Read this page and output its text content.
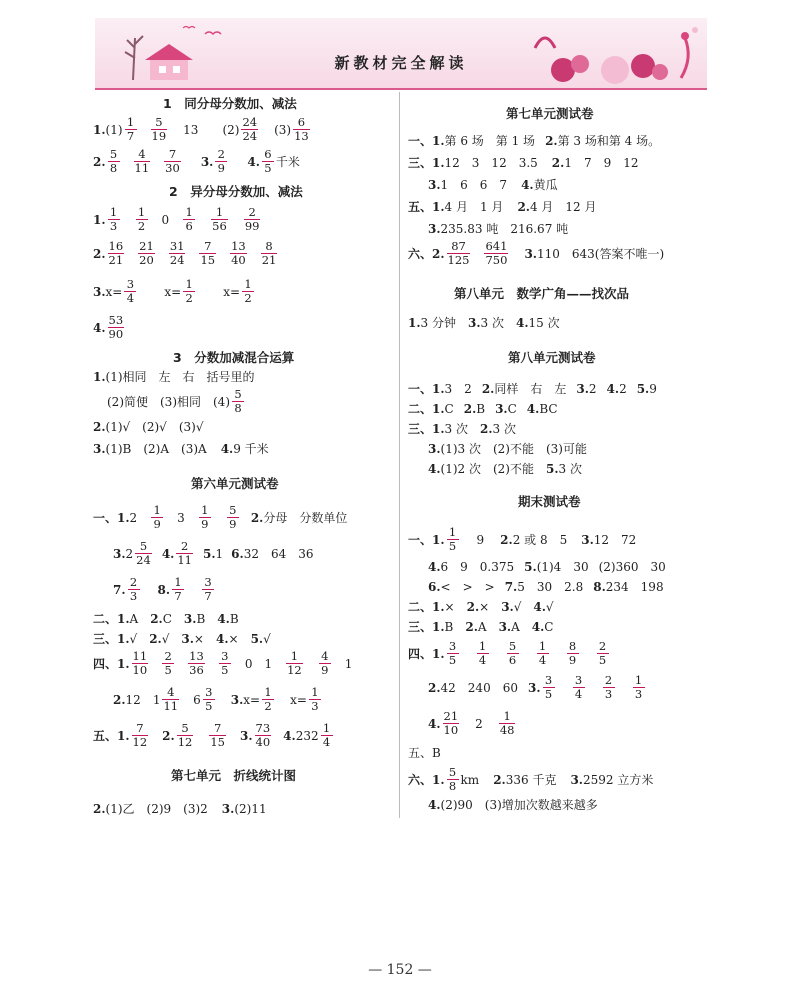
新教材完全解读
1　同分母分数加、减法
1. (1)
1
7
5
19 13 (2)
24
24 (3)
6
13
2.
5
8
4
11
7
30 3.
2
9 4.
6
5 千米
2　异分母分数加、减法
1.
1
3
1
2 0
1
6
1
56
2
99
2.
16
21
21
20
31
24
7
15
13
40
8
21
3. $x= \frac{3}{4} x= \frac{1}{2} x= \frac{1}{2}$
4.
53
90
3　分数加减混合运算
1. (1)相同　左　右　括号里的
(2)简便　(3)相同　(4)
5
8
2. (1)√　(2)√　(3)√
3. (1)B　(2)A　(3)A 4. 9 千米
第六单元测试卷
一、1. 2
1
9 3
1
9
5
9 2. 分母　分数单位
3. 2
5
24 4.
2
11 5. 1 6. 32　64　36
7.
2
3 8.
1
7
3
7
二、1. A 2. C 3. B 4. B
三、1. √ 2. √ 3. × 4. × 5. √
四、1.
11
10
2
5
13
36
3
5 0 1
1
12
4
9 1
2. 12 1
4
11 6
3
5 3. $x= \frac{1}{2} x= \frac{1}{3}$
五、1.
7
12 2.
5
12
7
15 3.
73
40 4. 232
1
4
第七单元　折线统计图
2. (1)乙　(2)9　(3)2 3. (2)11
第七单元测试卷
一、1. 第 6 场　第 1 场 2. 第 3 场和第 4 场。
三、1. 12　3　12　3.5 2. 1　7　9　12
3. 1　6　6　7 4. 黄瓜
五、1. 4 月　1 月 2. 4 月　12 月
3. 235.83 吨　216.67 吨
六、2.
87
125
641
750 3. 110　643(答案不唯一)
第八单元　数学广角——找次品
1. 3 分钟 3. 3 次 4. 15 次
第八单元测试卷
一、1. 3　2 2. 同样　右　左 3. 2 4. 2 5. 9
二、1. C 2. B 3. C 4. BC
三、1. 3 次 2. 3 次
3. (1)3 次　(2)不能　(3)可能
4. (1)2 次　(2)不能 5. 3 次
期末测试卷
一、1.
1
5 9 2. 2 或 8　5 3. 12　72
4. 6　9　0.375 5. (1)4　30 (2)360　30
6. <　>　> 7. 5　30　2.8 8. 234　198
二、1. × 2. × 3. √ 4. √
三、1. B 2. A 3. A 4. C
四、1.
3
5
1
4
5
6
1
4
8
9
2
5
2. 42　240　60 3.
3
5
3
4
2
3
1
3
4.
21
10 2
1
48
五、B
六、1.
5
8 km 2. 336 千克 3. 2592 立方米
4. (2)90　(3)增加次数越来越多
— 152 —
